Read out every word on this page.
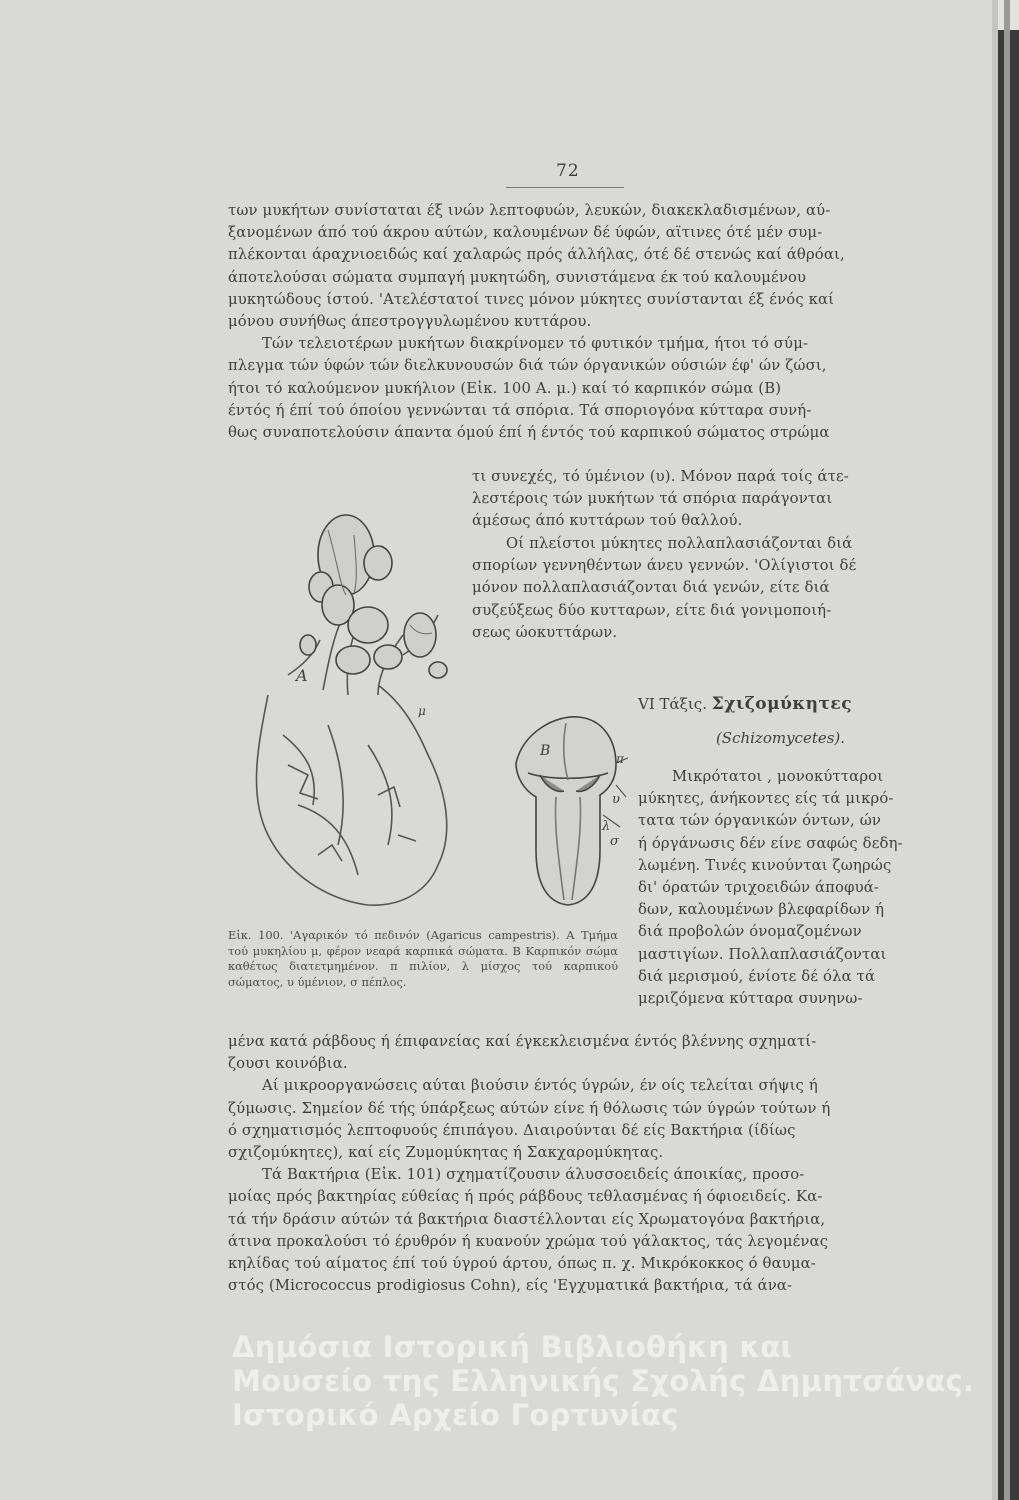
72

των μυκήτων συνίσταται έξ ινών λεπτοφυών, λευκών, διακεκλαδισμένων, αύ-

ξανομένων άπό τού άκρου αύτών, καλουμένων δέ ύφών, αϊτινες ότέ μέν συμ-

πλέκονται άραχνιοειδώς καί χαλαρώς πρός άλλήλας, ότέ δέ στενώς καί άθρόαι,

άποτελούσαι σώματα συμπαγή μυκητώδη, συνιστάμενα έκ τού καλουμένου

μυκητώδους ίστού. 'Ατελέστατοί τινες μόνον μύκητες συνίστανται έξ ένός καί

μόνου συνήθως άπεστρογγυλωμένου κυττάρου.

Τών τελειοτέρων μυκήτων διακρίνομεν τό φυτικόν τμήμα, ήτοι τό σύμ-

πλεγμα τών ύφών τών διελκυνουσών διά τών όργανικών ούσιών έφ' ών ζώσι,

ήτοι τό καλούμενον μυκήλιον (Εἰκ. 100 Α. μ.) καί τό καρπικόν σώμα (Β)

έντός ή έπί τού όποίου γεννώνται τά σπόρια. Τά σποριογόνα κύτταρα συνή-

θως συναποτελούσιν άπαντα όμού έπί ή έντός τού καρπικού σώματος στρώμα

τι συνεχές, τό ύμένιον (υ). Μόνον παρά τοίς άτε-

λεστέροις τών μυκήτων τά σπόρια παράγονται

άμέσως άπό κυττάρων τού θαλλού.

Οί πλείστοι μύκητες πολλαπλασιάζονται διά

σπορίων γεννηθέντων άνευ γεννών. 'Ολίγιστοι δέ

μόνον πολλαπλασιάζονται διά γενών, είτε διά

συζεύξεως δύο κυτταρων, είτε διά γονιμοποιή-

σεως ώοκυττάρων.

VI Τάξις. Σχιζομύκητες
(Schizomycetes).

Μικρότατοι , μονοκύτταροι

μύκητες, άνήκοντες είς τά μικρό-

τατα τών όργανικών όντων, ών

ή όργάνωσις δέν είνε σαφώς δεδη-

λωμένη. Τινές κινούνται ζωηρώς

δι' όρατών τριχοειδών άποφυά-

δων, καλουμένων βλεφαρίδων ή

διά προβολών όνομαζομένων

μαστιγίων. Πολλαπλασιάζονται

διά μερισμού, ένίοτε δέ όλα τά

μεριζόμενα κύτταρα συνηνω-

Α
Β	π
υ
λ
σ
μ
Εἰκ. 100. 'Αγαρικόν τό πεδινόν (Agaricus campestris). Α Τμήμα τού μυκηλίου μ, φέρον νεαρά καρπικά σώματα. Β Καρπικόν σώμα καθέτως διατετμημένον. π πιλίον, λ μίσχος τού καρπικού σώματος, υ ύμένιον, σ πέπλος.

μένα κατά ράβδους ή έπιφανείας καί έγκεκλεισμένα έντός βλέννης σχηματί-

ζουσι κοινόβια.

Αί μικροοργανώσεις αύται βιούσιν έντός ύγρών, έν οίς τελείται σήψις ή

ζύμωσις. Σημείον δέ τής ύπάρξεως αύτών είνε ή θόλωσις τών ύγρών τούτων ή

ό σχηματισμός λεπτοφυούς έπιπάγου. Διαιρούνται δέ είς Βακτήρια (ίδίως

σχιζομύκητες), καί είς Ζυμομύκητας ή Σακχαρομύκητας.

Τά Βακτήρια (Εἰκ. 101) σχηματίζουσιν άλυσσοειδείς άποικίας, προσο-

μοίας πρός βακτηρίας εύθείας ή πρός ράβδους τεθλασμένας ή όφιοειδείς. Κα-

τά τήν δράσιν αύτών τά βακτήρια διαστέλλονται είς Χρωματογόνα βακτήρια,

άτινα προκαλούσι τό έρυθρόν ή κυανούν χρώμα τού γάλακτος, τάς λεγομένας

κηλίδας τού αίματος έπί τού ύγρού άρτου, όπως π. χ. Μικρόκοκκος ό θαυμα-

στός (Micrococcus prodigiosus Cohn), είς 'Εγχυματικά βακτήρια, τά άνα-

Δημόσια Ιστορική Βιβλιοθήκη και
Μουσείο της Ελληνικής Σχολής Δημητσάνας.
Ιστορικό Αρχείο Γορτυνίας
